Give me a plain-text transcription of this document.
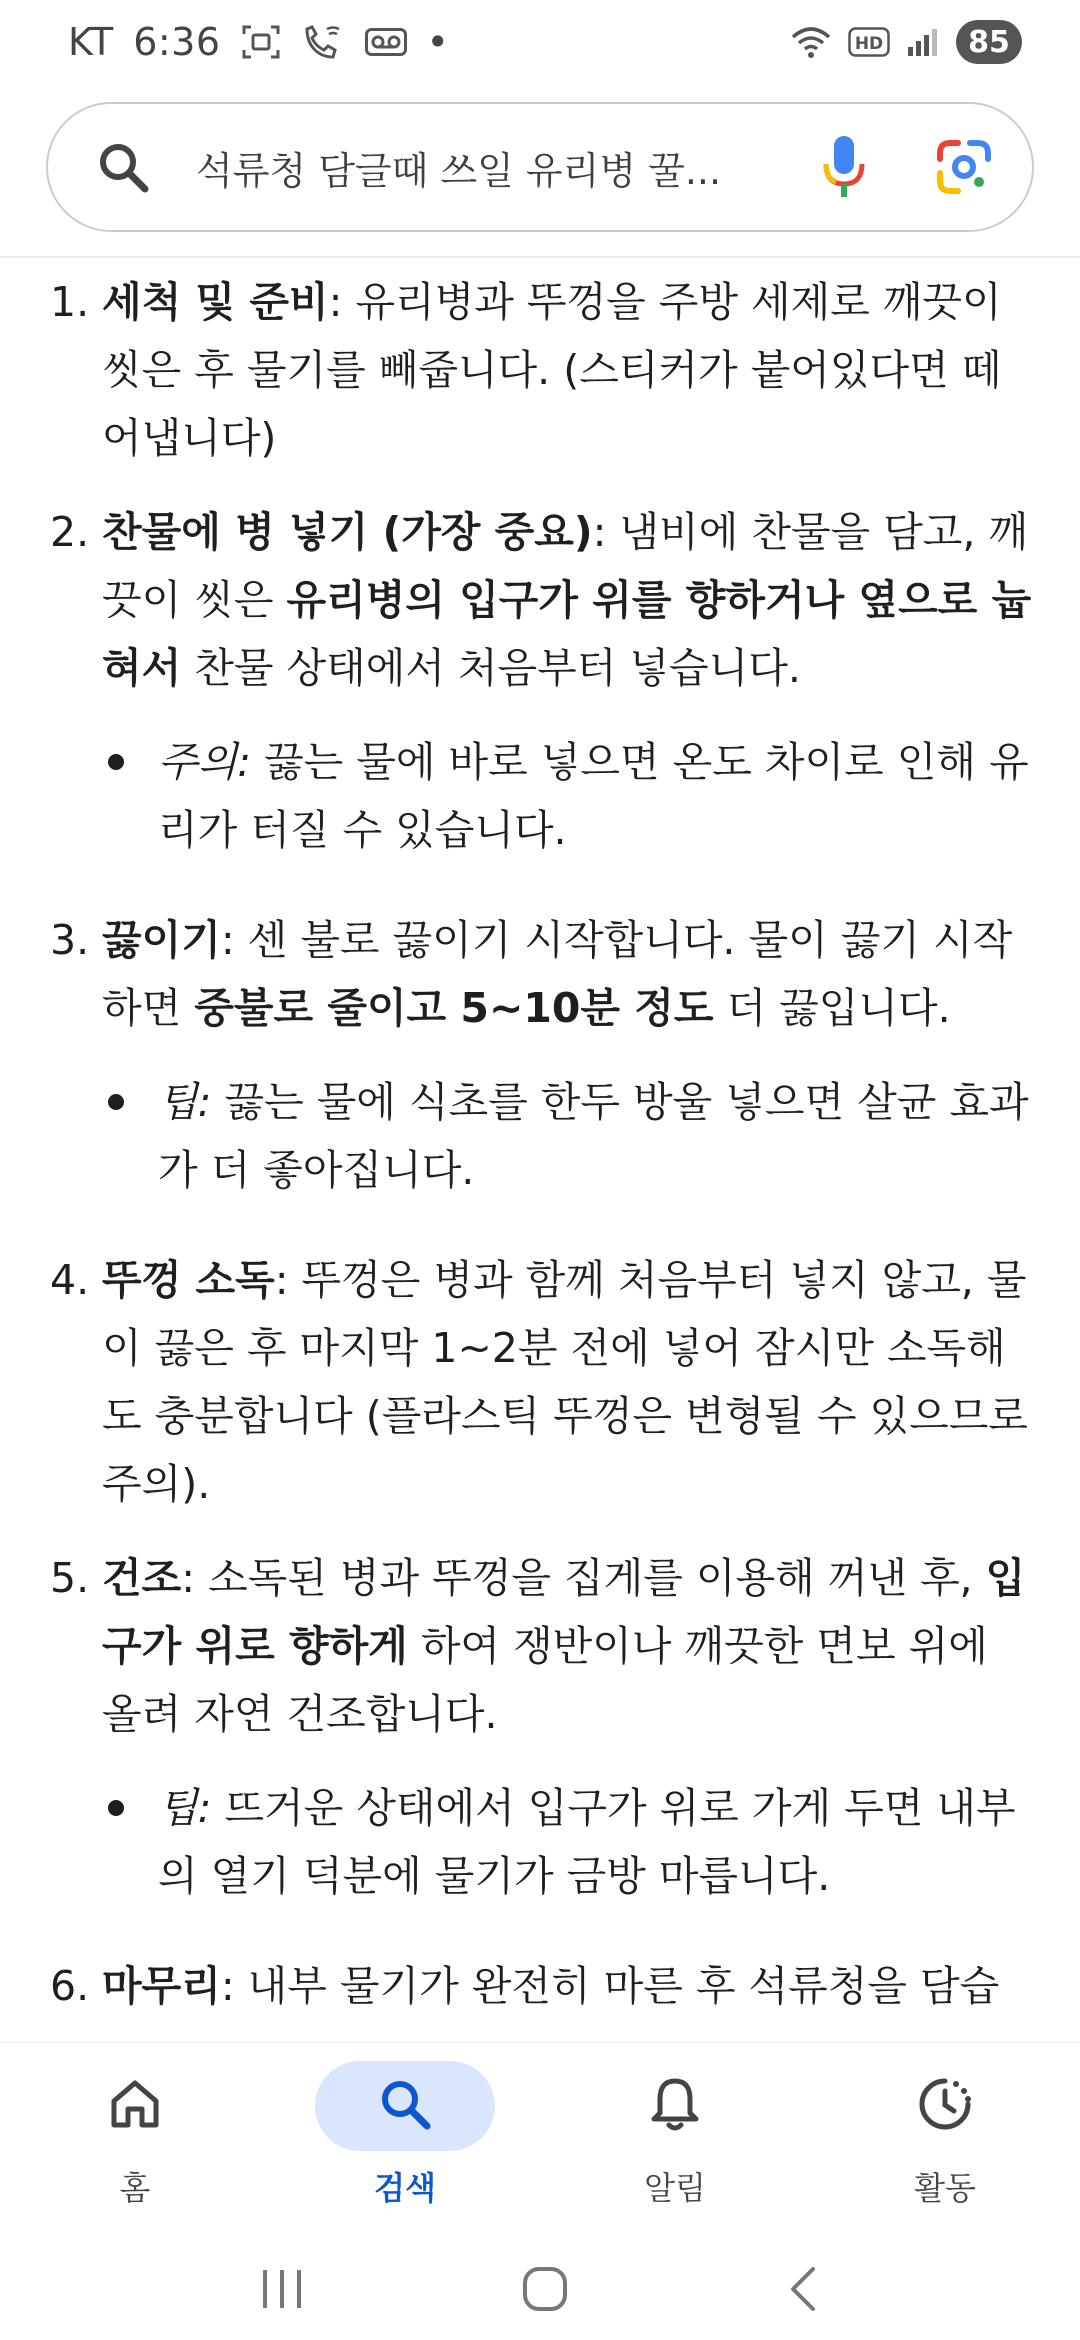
KT 6:36	•	HD	85
석류청 담글때 쓰일 유리병 꿀...
1. 세척 및 준비: 유리병과 뚜껑을 주방 세제로 깨끗이 씻은 후 물기를 빼줍니다. (스티커가 붙어있다면 떼어냅니다)
2. 찬물에 병 넣기 (가장 중요): 냄비에 찬물을 담고, 깨끗이 씻은 유리병의 입구가 위를 향하거나 옆으로 눕혀서 찬물 상태에서 처음부터 넣습니다.
주의: 끓는 물에 바로 넣으면 온도 차이로 인해 유리가 터질 수 있습니다.
3. 끓이기: 센 불로 끓이기 시작합니다. 물이 끓기 시작하면 중불로 줄이고 5~10분 정도 더 끓입니다.
팁: 끓는 물에 식초를 한두 방울 넣으면 살균 효과가 더 좋아집니다.
4. 뚜껑 소독: 뚜껑은 병과 함께 처음부터 넣지 않고, 물이 끓은 후 마지막 1~2분 전에 넣어 잠시만 소독해도 충분합니다 (플라스틱 뚜껑은 변형될 수 있으므로 주의).
5. 건조: 소독된 병과 뚜껑을 집게를 이용해 꺼낸 후, 입구가 위로 향하게 하여 쟁반이나 깨끗한 면보 위에 올려 자연 건조합니다.
팁: 뜨거운 상태에서 입구가 위로 가게 두면 내부의 열기 덕분에 물기가 금방 마릅니다.
6. 마무리: 내부 물기가 완전히 마른 후 석류청을 담습
홈	검색	알림	활동
